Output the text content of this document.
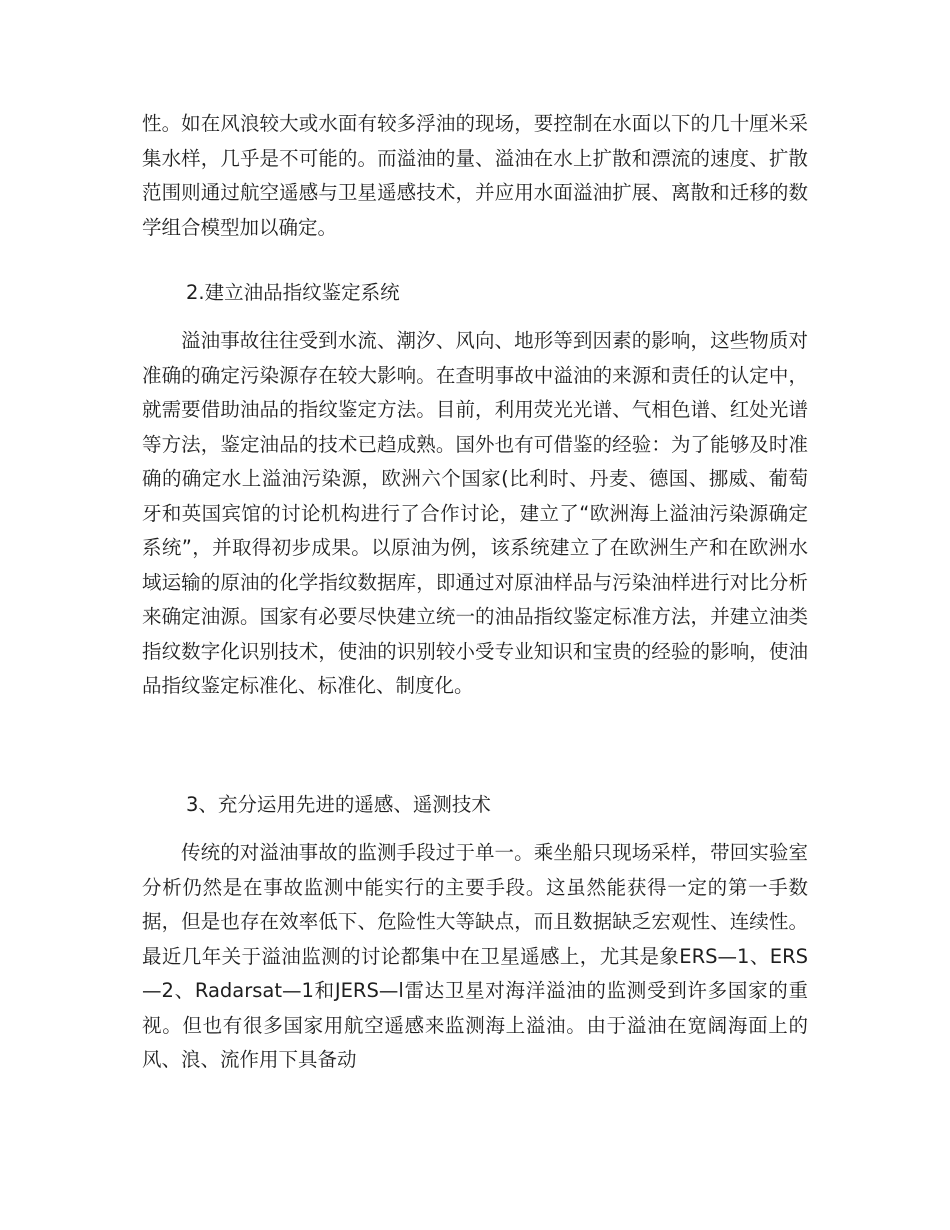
性。如在风浪较大或水面有较多浮油的现场，要控制在水面以下的几十厘米采集水样，几乎是不可能的。而溢油的量、溢油在水上扩散和漂流的速度、扩散范围则通过航空遥感与卫星遥感技术，并应用水面溢油扩展、离散和迁移的数学组合模型加以确定。

2.建立油品指纹鉴定系统

溢油事故往往受到水流、潮汐、风向、地形等到因素的影响，这些物质对准确的确定污染源存在较大影响。在查明事故中溢油的来源和责任的认定中，就需要借助油品的指纹鉴定方法。目前，利用荧光光谱、气相色谱、红处光谱等方法，鉴定油品的技术已趋成熟。国外也有可借鉴的经验：为了能够及时准确的确定水上溢油污染源，欧洲六个国家(比利时、丹麦、德国、挪威、葡萄牙和英国宾馆的讨论机构进行了合作讨论，建立了“欧洲海上溢油污染源确定系统”，并取得初步成果。以原油为例，该系统建立了在欧洲生产和在欧洲水域运输的原油的化学指纹数据库，即通过对原油样品与污染油样进行对比分析来确定油源。国家有必要尽快建立统一的油品指纹鉴定标准方法，并建立油类指纹数字化识别技术，使油的识别较小受专业知识和宝贵的经验的影响，使油品指纹鉴定标准化、标准化、制度化。

3、充分运用先进的遥感、遥测技术

传统的对溢油事故的监测手段过于单一。乘坐船只现场采样，带回实验室分析仍然是在事故监测中能实行的主要手段。这虽然能获得一定的第一手数据，但是也存在效率低下、危险性大等缺点，而且数据缺乏宏观性、连续性。最近几年关于溢油监测的讨论都集中在卫星遥感上，尤其是象ERS—1、ERS—2、Radarsat—1和JERS—l雷达卫星对海洋溢油的监测受到许多国家的重视。但也有很多国家用航空遥感来监测海上溢油。由于溢油在宽阔海面上的风、浪、流作用下具备动
